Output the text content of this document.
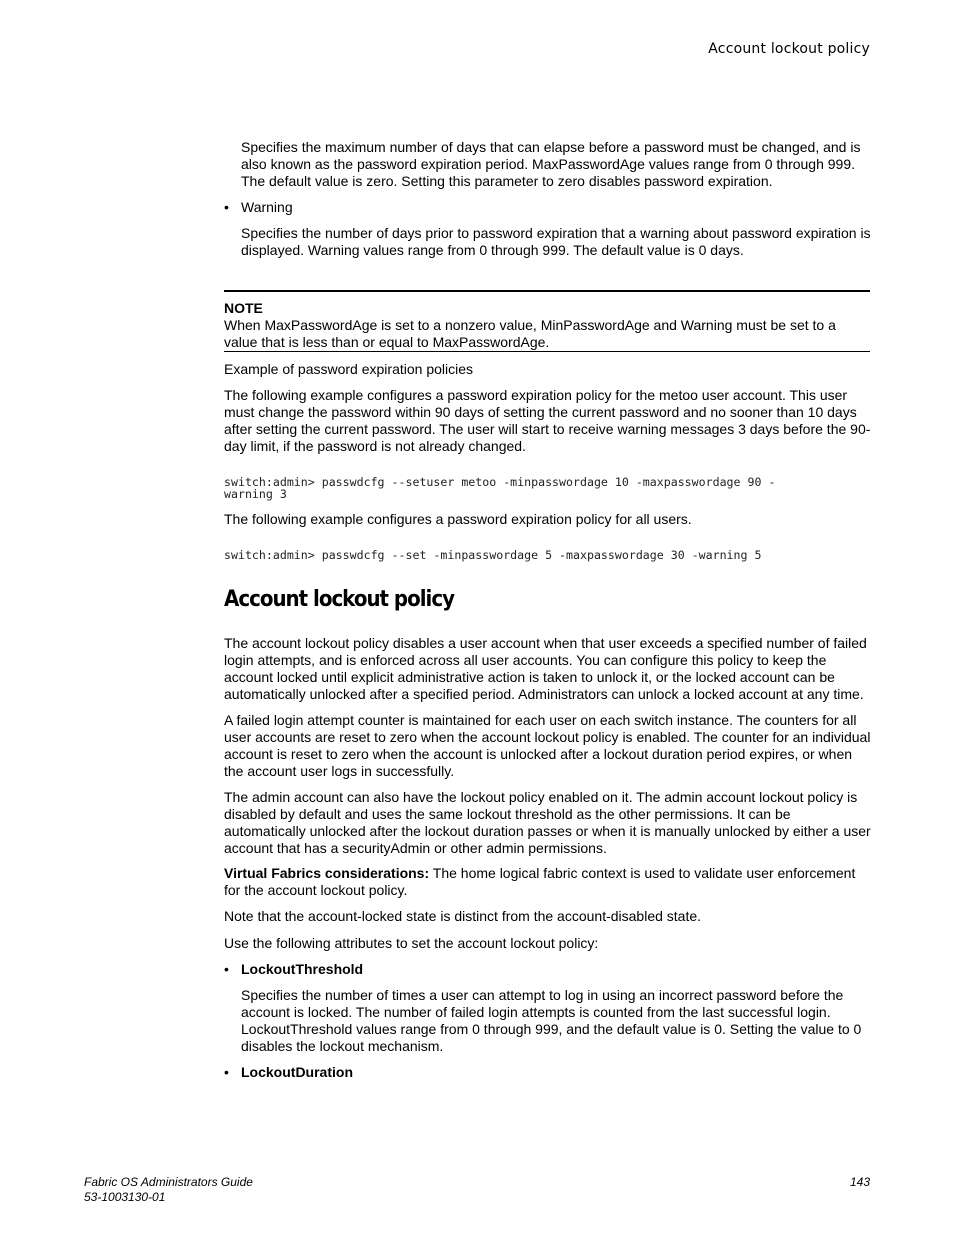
Account lockout policy

Specifies the maximum number of days that can elapse before a password must be changed, and is also known as the password expiration period. MaxPasswordAge values range from 0 through 999. The default value is zero. Setting this parameter to zero disables password expiration.

• Warning

Specifies the number of days prior to password expiration that a warning about password expiration is displayed. Warning values range from 0 through 999. The default value is 0 days.

NOTE
When MaxPasswordAge is set to a nonzero value, MinPasswordAge and Warning must be set to a value that is less than or equal to MaxPasswordAge.

Example of password expiration policies

The following example configures a password expiration policy for the metoo user account. This user must change the password within 90 days of setting the current password and no sooner than 10 days after setting the current password. The user will start to receive warning messages 3 days before the 90-day limit, if the password is not already changed.

switch:admin> passwdcfg --setuser metoo -minpasswordage 10 -maxpasswordage 90 -
warning 3

The following example configures a password expiration policy for all users.

switch:admin> passwdcfg --set -minpasswordage 5 -maxpasswordage 30 -warning 5
Account lockout policy

The account lockout policy disables a user account when that user exceeds a specified number of failed login attempts, and is enforced across all user accounts. You can configure this policy to keep the account locked until explicit administrative action is taken to unlock it, or the locked account can be automatically unlocked after a specified period. Administrators can unlock a locked account at any time.

A failed login attempt counter is maintained for each user on each switch instance. The counters for all user accounts are reset to zero when the account lockout policy is enabled. The counter for an individual account is reset to zero when the account is unlocked after a lockout duration period expires, or when the account user logs in successfully.

The admin account can also have the lockout policy enabled on it. The admin account lockout policy is disabled by default and uses the same lockout threshold as the other permissions. It can be automatically unlocked after the lockout duration passes or when it is manually unlocked by either a user account that has a securityAdmin or other admin permissions.

Virtual Fabrics considerations: The home logical fabric context is used to validate user enforcement for the account lockout policy.

Note that the account-locked state is distinct from the account-disabled state.

Use the following attributes to set the account lockout policy:

• LockoutThreshold

Specifies the number of times a user can attempt to log in using an incorrect password before the account is locked. The number of failed login attempts is counted from the last successful login. LockoutThreshold values range from 0 through 999, and the default value is 0. Setting the value to 0 disables the lockout mechanism.

• LockoutDuration
Fabric OS Administrators Guide
53-1003130-01
143
